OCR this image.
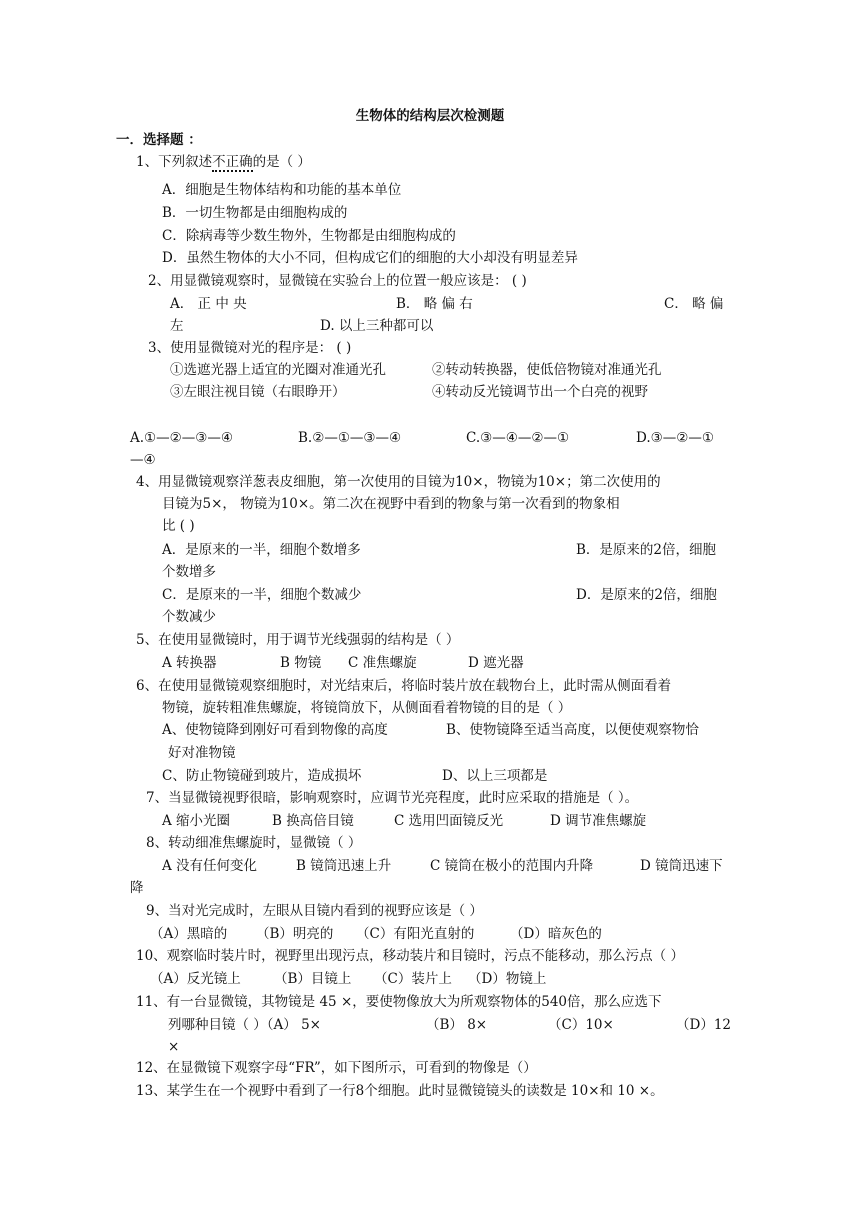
生物体的结构层次检测题
一．选择题 ：
1、下列叙述不正确的是（ ）
A．细胞是生物体结构和功能的基本单位
B．一切生物都是由细胞构成的
C．除病毒等少数生物外，生物都是由细胞构成的
D．虽然生物体的大小不同，但构成它们的细胞的大小却没有明显差异
2、用显微镜观察时，显微镜在实验台上的位置一般应该是： ( )
A． 正 中 央	B． 略 偏 右	C． 略 偏
左	D. 以上三种都可以
3、使用显微镜对光的程序是： ( )
①选遮光器上适宜的光圈对准通光孔	②转动转换器，使低倍物镜对准通光孔
③左眼注视目镜（右眼睁开）	④转动反光镜调节出一个白亮的视野
A.①—②—③—④	B.②—①—③—④	C.③—④—②—①	D.③—②—①
—④
4、用显微镜观察洋葱表皮细胞，第一次使用的目镜为10×，物镜为10×；第二次使用的
目镜为5×， 物镜为10×。第二次在视野中看到的物象与第一次看到的物象相
比 ( )
A．是原来的一半，细胞个数增多	B．是原来的2倍，细胞
个数增多
C．是原来的一半，细胞个数减少	D．是原来的2倍，细胞
个数减少
5、在使用显微镜时，用于调节光线强弱的结构是（ ）
A 转换器	B 物镜 C 准焦螺旋	D 遮光器
6、在使用显微镜观察细胞时，对光结束后，将临时装片放在载物台上，此时需从侧面看着
物镜，旋转粗准焦螺旋，将镜筒放下，从侧面看着物镜的目的是（ ）
A、使物镜降到刚好可看到物像的高度	B、使物镜降至适当高度，以便使观察物恰
好对准物镜
C、防止物镜碰到玻片，造成损坏	D、以上三项都是
7、当显微镜视野很暗，影响观察时，应调节光亮程度，此时应采取的措施是（ ）。
A 缩小光圈	B 换高倍目镜	C 选用凹面镜反光	D 调节准焦螺旋
8、转动细准焦螺旋时，显微镜（ ）
A 没有任何变化	B 镜筒迅速上升	C 镜筒在极小的范围内升降	D 镜筒迅速下
降
9、当对光完成时，左眼从目镜内看到的视野应该是（ ）
（A）黑暗的 （B）明亮的 （C）有阳光直射的	（D）暗灰色的
10、观察临时装片时，视野里出现污点，移动装片和目镜时，污点不能移动，那么污点（ ）
（A）反光镜上 （B）目镜上 （C）装片上 （D）物镜上
11、有一台显微镜，其物镜是 45 ×，要使物像放大为所观察物体的540倍，那么应选下
列哪种目镜（ ）（A） 5×	（B） 8×	（C）10×	（D）12
×
12、在显微镜下观察字母“FR”，如下图所示，可看到的物像是（）
13、某学生在一个视野中看到了一行8个细胞。此时显微镜镜头的读数是 10×和 10 ×。
